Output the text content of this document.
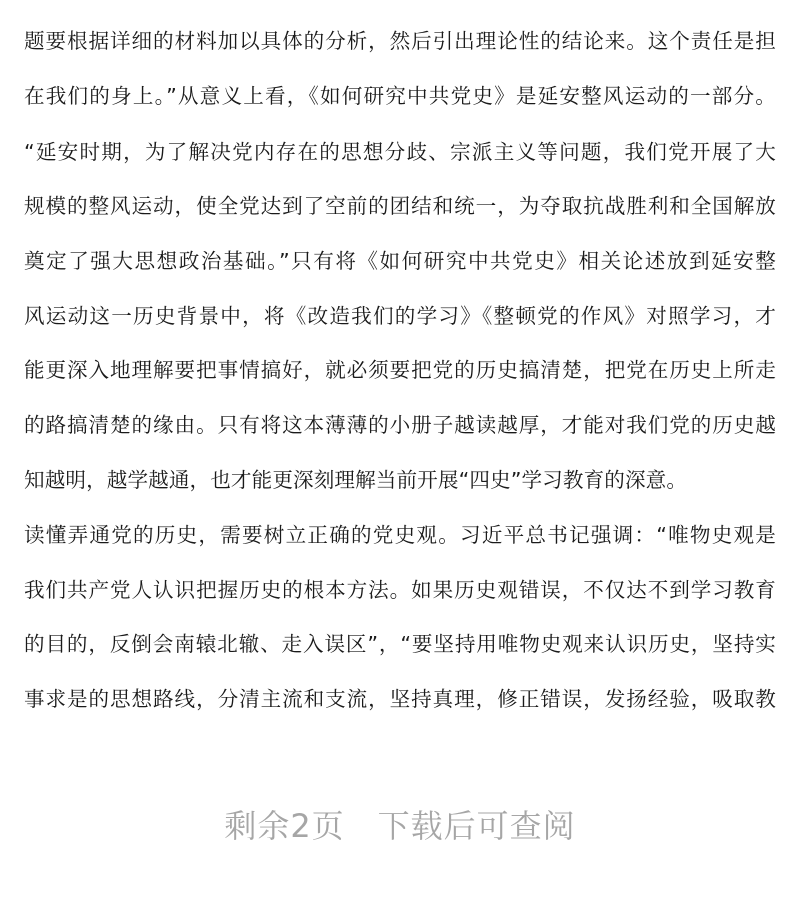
题要根据详细的材料加以具体的分析，然后引出理论性的结论来。这个责任是担
在我们的身上。”从意义上看，《如何研究中共党史》是延安整风运动的一部分。
“延安时期，为了解决党内存在的思想分歧、宗派主义等问题，我们党开展了大
规模的整风运动，使全党达到了空前的团结和统一，为夺取抗战胜利和全国解放
奠定了强大思想政治基础。”只有将《如何研究中共党史》相关论述放到延安整
风运动这一历史背景中，将《改造我们的学习》《整顿党的作风》对照学习，才
能更深入地理解要把事情搞好，就必须要把党的历史搞清楚，把党在历史上所走
的路搞清楚的缘由。只有将这本薄薄的小册子越读越厚，才能对我们党的历史越
知越明，越学越通，也才能更深刻理解当前开展“四史”学习教育的深意。
读懂弄通党的历史，需要树立正确的党史观。习近平总书记强调：“唯物史观是
我们共产党人认识把握历史的根本方法。如果历史观错误，不仅达不到学习教育
的目的，反倒会南辕北辙、走入误区”，“要坚持用唯物史观来认识历史，坚持实
事求是的思想路线，分清主流和支流，坚持真理，修正错误，发扬经验，吸取教
剩余2页　下载后可查阅
